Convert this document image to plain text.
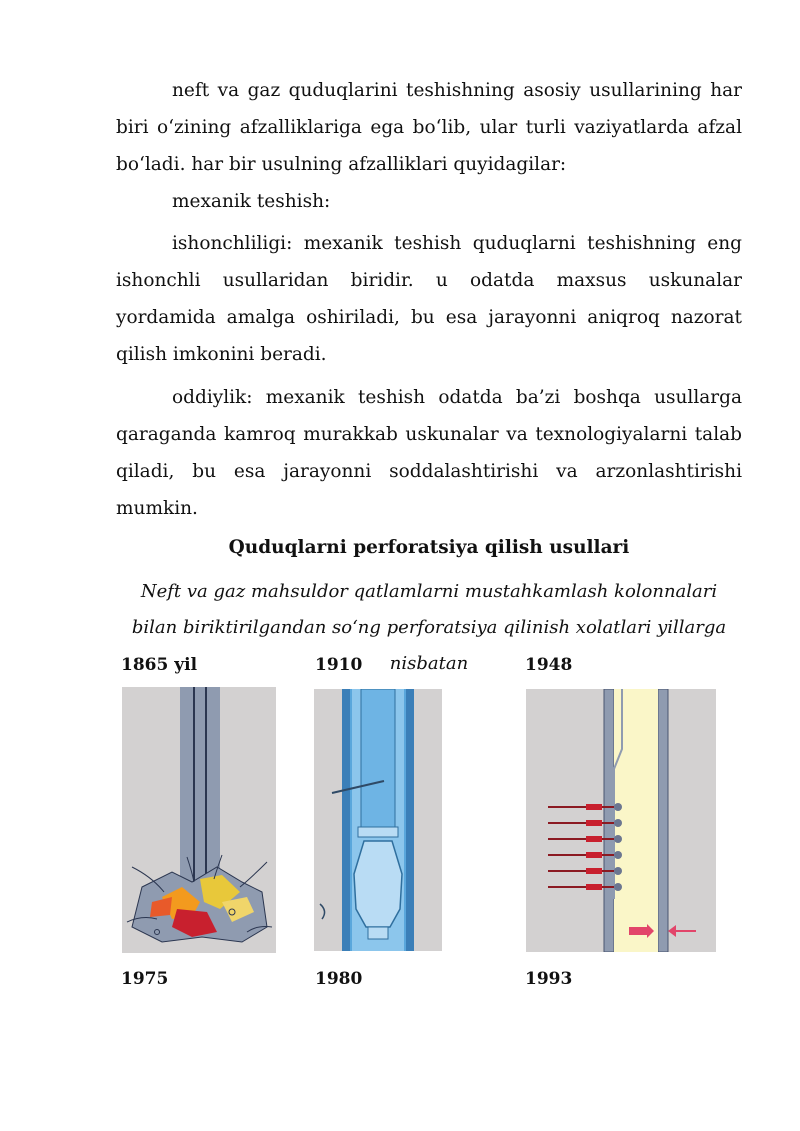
neft va gaz quduqlarini teshishning asosiy usullarining har biri oʻzining afzalliklariga ega boʻlib, ular turli vaziyatlarda afzal boʻladi. har bir usulning afzalliklari quyidagilar:

mexanik teshish:

ishonchliligi: mexanik teshish quduqlarni teshishning eng ishonchli usullaridan biridir. u odatda maxsus uskunalar yordamida amalga oshiriladi, bu esa jarayonni aniqroq nazorat qilish imkonini beradi.

oddiylik: mexanik teshish odatda ba’zi boshqa usullarga qaraganda kamroq murakkab uskunalar va texnologiyalarni talab qiladi, bu esa jarayonni soddalashtirishi va arzonlashtirishi mumkin.

Quduqlarni perforatsiya qilish usullari

Neft va gaz mahsuldor qatlamlarni mustahkamlash kolonnalari bilan biriktirilgandan soʻng perforatsiya qilinish xolatlari yillarga nisbatan

1865 yil	1910	1948
1975	1980	1993
